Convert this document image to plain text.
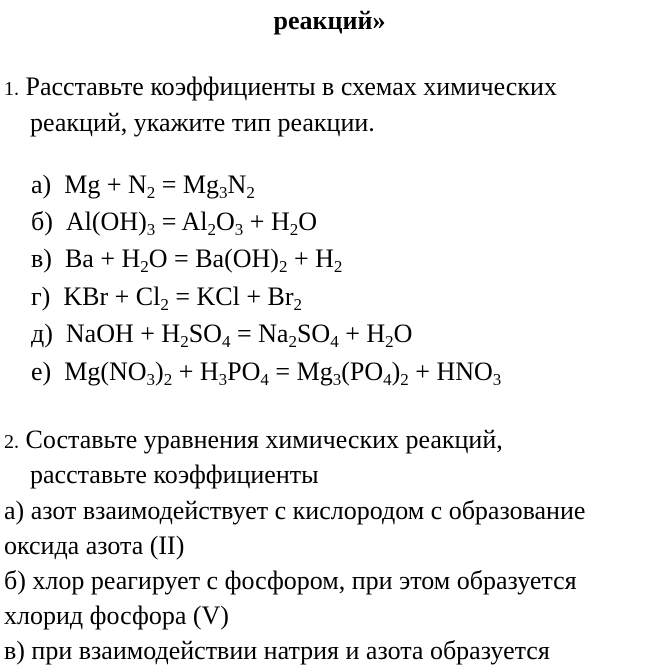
реакций»
1. Расставьте коэффициенты в схемах химических
реакций, укажите тип реакции.
а)  $Mg + N_2 = Mg_3N_2$
б)  $Al(OH)_3 = Al_2O_3 + H_2O$
в)  $Ba + H_2O = Ba(OH)_2 + H_2$
г)  KBr + $Cl_2$ = KCl + $Br_2$
д)  NaOH + $H_2SO_4 = Na_2SO_4 + H_2O$
е)  $Mg(NO_3)_2 + H_3PO_4 = Mg_3(PO_4)_2 + HNO_3$
2. Составьте уравнения химических реакций,
расставьте коэффициенты
а) азот взаимодействует с кислородом с образование
оксида азота (II)
б) хлор реагирует с фосфором, при этом образуется
хлорид фосфора (V)
в) при взаимодействии натрия и азота образуется
